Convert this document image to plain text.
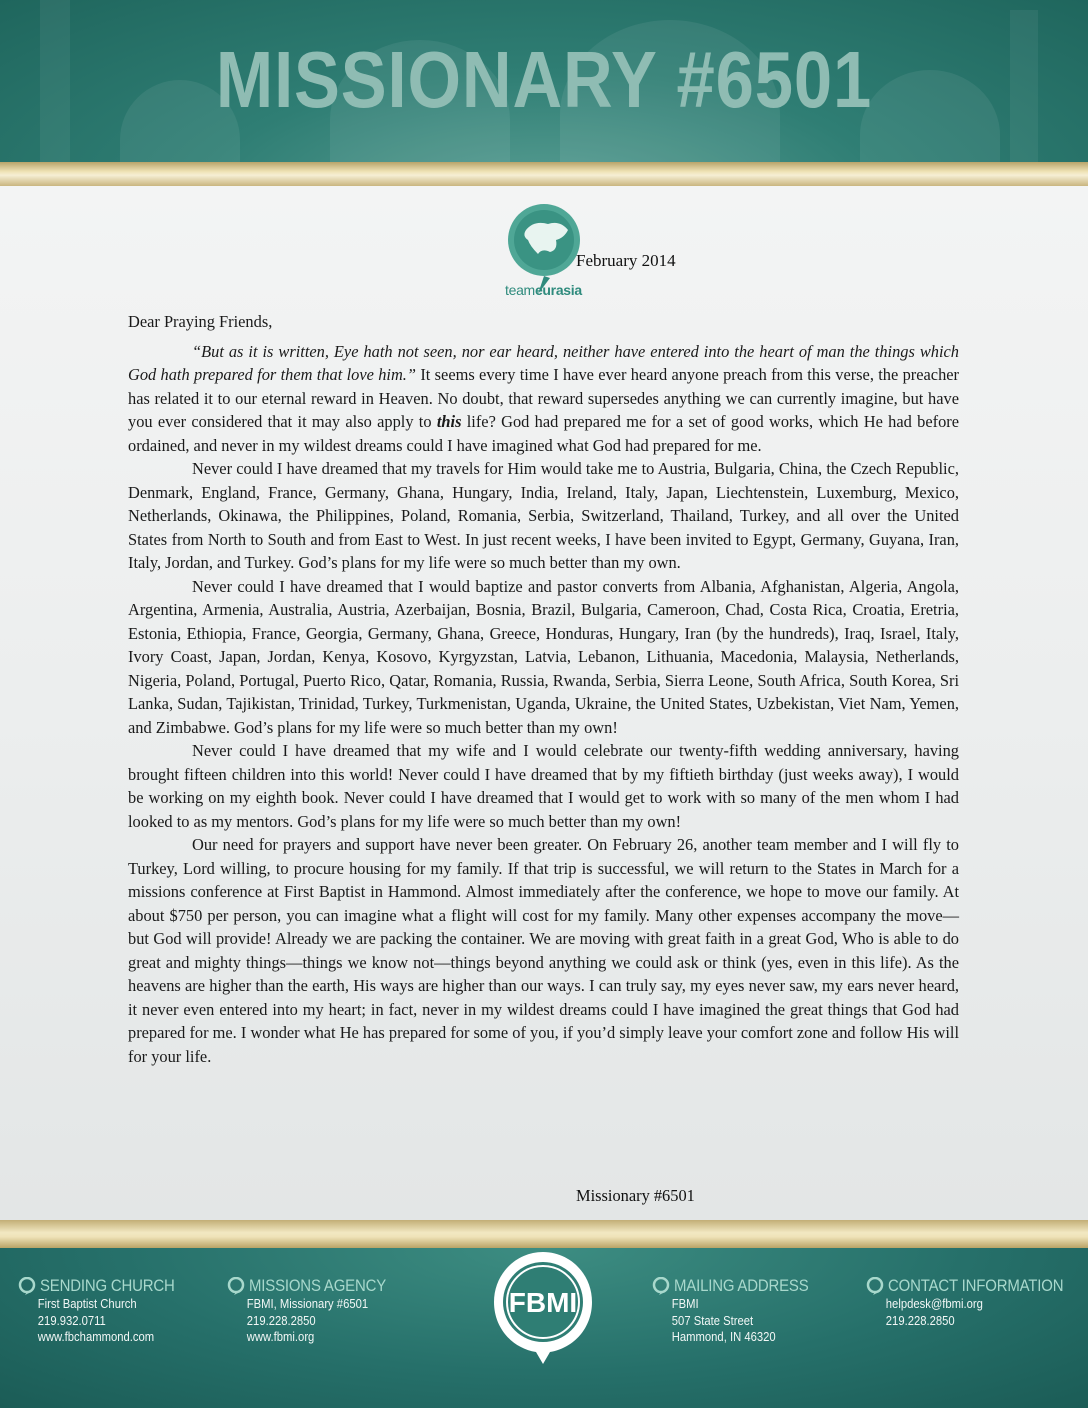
MISSIONARY #6501
teameurasia
February 2014

Dear Praying Friends,

“But as it is written, Eye hath not seen, nor ear heard, neither have entered into the heart of man the things which God hath prepared for them that love him.” It seems every time I have ever heard anyone preach from this verse, the preacher has related it to our eternal reward in Heaven. No doubt, that reward supersedes anything we can currently imagine, but have you ever considered that it may also apply to this life? God had prepared me for a set of good works, which He had before ordained, and never in my wildest dreams could I have imagined what God had prepared for me.

Never could I have dreamed that my travels for Him would take me to Austria, Bulgaria, China, the Czech Republic, Denmark, England, France, Germany, Ghana, Hungary, India, Ireland, Italy, Japan, Liechtenstein, Luxemburg, Mexico, Netherlands, Okinawa, the Philippines, Poland, Romania, Serbia, Switzerland, Thailand, Turkey, and all over the United States from North to South and from East to West. In just recent weeks, I have been invited to Egypt, Germany, Guyana, Iran, Italy, Jordan, and Turkey. God’s plans for my life were so much better than my own.

Never could I have dreamed that I would baptize and pastor converts from Albania, Afghanistan, Algeria, Angola, Argentina, Armenia, Australia, Austria, Azerbaijan, Bosnia, Brazil, Bulgaria, Cameroon, Chad, Costa Rica, Croatia, Eretria, Estonia, Ethiopia, France, Georgia, Germany, Ghana, Greece, Honduras, Hungary, Iran (by the hundreds), Iraq, Israel, Italy, Ivory Coast, Japan, Jordan, Kenya, Kosovo, Kyrgyzstan, Latvia, Lebanon, Lithuania, Macedonia, Malaysia, Netherlands, Nigeria, Poland, Portugal, Puerto Rico, Qatar, Romania, Russia, Rwanda, Serbia, Sierra Leone, South Africa, South Korea, Sri Lanka, Sudan, Tajikistan, Trinidad, Turkey, Turkmenistan, Uganda, Ukraine, the United States, Uzbekistan, Viet Nam, Yemen, and Zimbabwe. God’s plans for my life were so much better than my own!

Never could I have dreamed that my wife and I would celebrate our twenty-fifth wedding anniversary, having brought fifteen children into this world! Never could I have dreamed that by my fiftieth birthday (just weeks away), I would be working on my eighth book. Never could I have dreamed that I would get to work with so many of the men whom I had looked to as my mentors. God’s plans for my life were so much better than my own!

Our need for prayers and support have never been greater. On February 26, another team member and I will fly to Turkey, Lord willing, to procure housing for my family. If that trip is successful, we will return to the States in March for a missions conference at First Baptist in Hammond. Almost immediately after the conference, we hope to move our family. At about $750 per person, you can imagine what a flight will cost for my family. Many other expenses accompany the move—but God will provide! Already we are packing the container. We are moving with great faith in a great God, Who is able to do great and mighty things—things we know not—things beyond anything we could ask or think (yes, even in this life). As the heavens are higher than the earth, His ways are higher than our ways. I can truly say, my eyes never saw, my ears never heard, it never even entered into my heart; in fact, never in my wildest dreams could I have imagined the great things that God had prepared for me. I wonder what He has prepared for some of you, if you’d simply leave your comfort zone and follow His will for your life.

Missionary #6501
FBMI
SENDING CHURCH
First Baptist Church
219.932.0711
www.fbchammond.com
MISSIONS AGENCY
FBMI, Missionary #6501
219.228.2850
www.fbmi.org
MAILING ADDRESS
FBMI
507 State Street
Hammond, IN 46320
CONTACT INFORMATION
helpdesk@fbmi.org
219.228.2850
